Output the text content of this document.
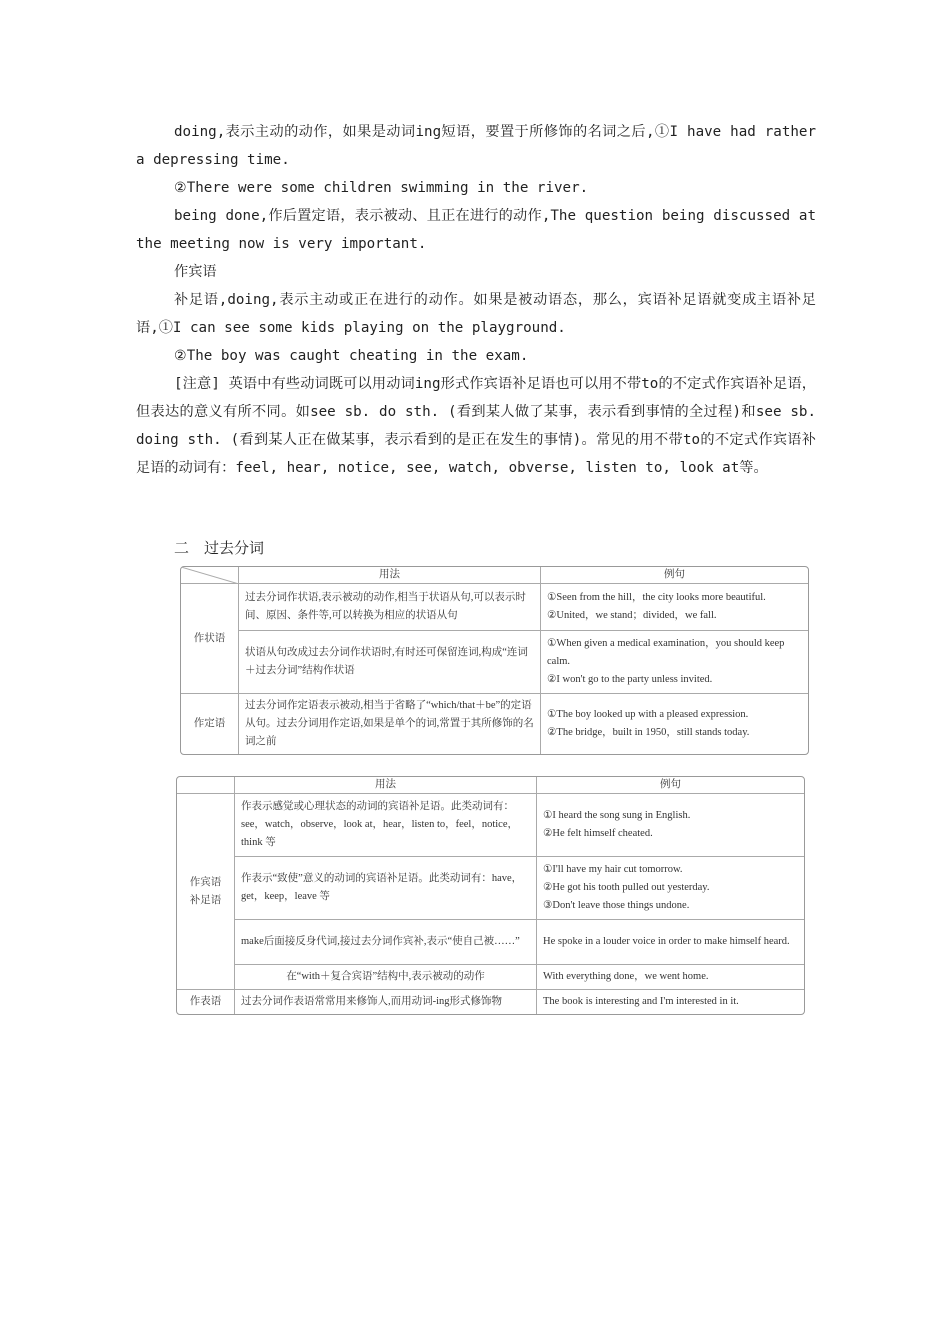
doing,表示主动的动作，如果是动词ing短语，要置于所修饰的名词之后,①I have had rather a depressing time.

②There were some children swimming in the river.

being done,作后置定语，表示被动、且正在进行的动作,The question being discussed at the meeting now is very important.

作宾语

补足语,doing,表示主动或正在进行的动作。如果是被动语态，那么，宾语补足语就变成主语补足语,①I can see some kids playing on the playground.

②The boy was caught cheating in the exam.

[注意] 英语中有些动词既可以用动词ing形式作宾语补足语也可以用不带to的不定式作宾语补足语，但表达的意义有所不同。如see sb. do sth. (看到某人做了某事，表示看到事情的全过程)和see sb. doing sth. (看到某人正在做某事，表示看到的是正在发生的事情)。常见的用不带to的不定式作宾语补足语的动词有：feel, hear, notice, see, watch, obverse, listen to, look at等。

二　过去分词
	用法	例句
作状语	过去分词作状语,表示被动的动作,相当于状语从句,可以表示时间、原因、条件等,可以转换为相应的状语从句	①Seen from the hill，the city looks more beautiful.
②United，we stand；divided，we fall.

	状语从句改成过去分词作状语时,有时还可保留连词,构成“连词＋过去分词”结构作状语	①When given a medical examination，you should keep calm.
②I won't go to the party unless invited.

作定语	过去分词作定语表示被动,相当于省略了“which/that＋be”的定语从句。过去分词用作定语,如果是单个的词,常置于其所修饰的名词之前	①The boy looked up with a pleased expression.
②The bridge，built in 1950，still stands today.
	用法	例句
作宾语补足语	作表示感觉或心理状态的动词的宾语补足语。此类动词有：see，watch，observe，look at，hear，listen to，feel，notice，think 等	①I heard the song sung in English.
②He felt himself cheated.

	作表示“致使”意义的动词的宾语补足语。此类动词有：have，get，keep，leave 等	①I'll have my hair cut tomorrow.
②He got his tooth pulled out yesterday.
③Don't leave those things undone.

	make后面接反身代词,接过去分词作宾补,表示“使自己被……”	He spoke in a louder voice in order to make himself heard.

	在“with＋复合宾语”结构中,表示被动的动作	With everything done，we went home.

作表语	过去分词作表语常常用来修饰人,而用动词-ing形式修饰物	The book is interesting and I'm interested in it.
